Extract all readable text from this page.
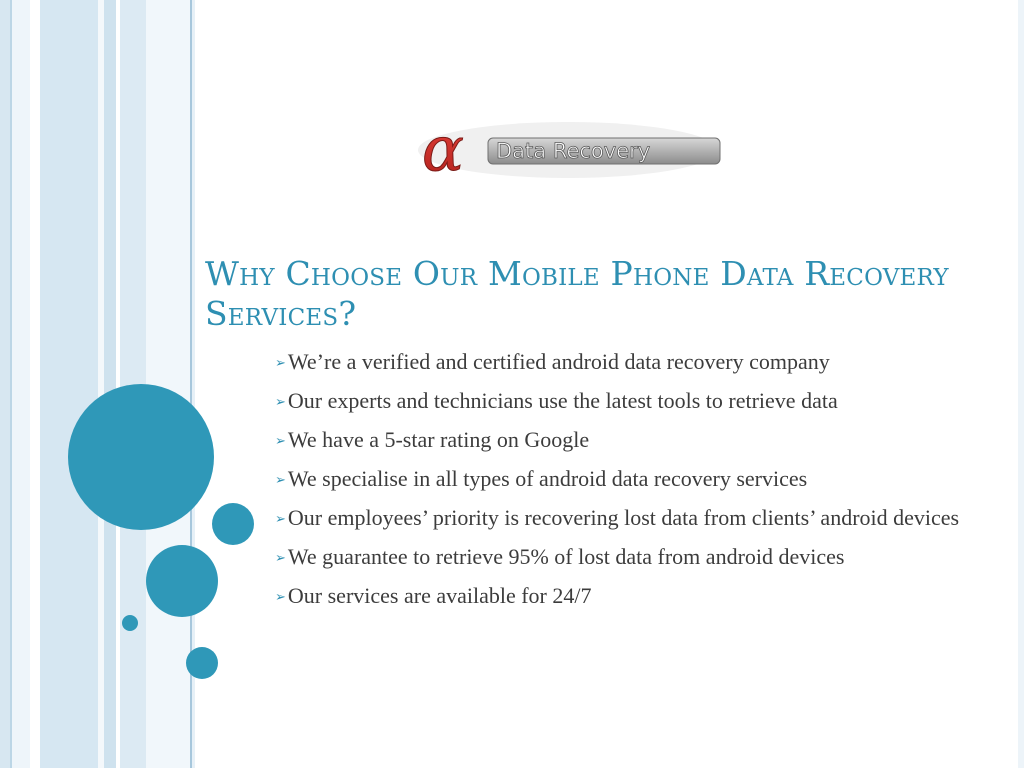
α Data Recovery
Why Choose Our Mobile Phone Data Recovery Services?
➢We’re a verified and certified android data recovery company
➢Our experts and technicians use the latest tools to retrieve data
➢We have a 5-star rating on Google
➢We specialise in all types of android data recovery services
➢Our employees’ priority is recovering lost data from clients’ android devices
➢We guarantee to retrieve 95% of lost data from android devices
➢Our services are available for 24/7
